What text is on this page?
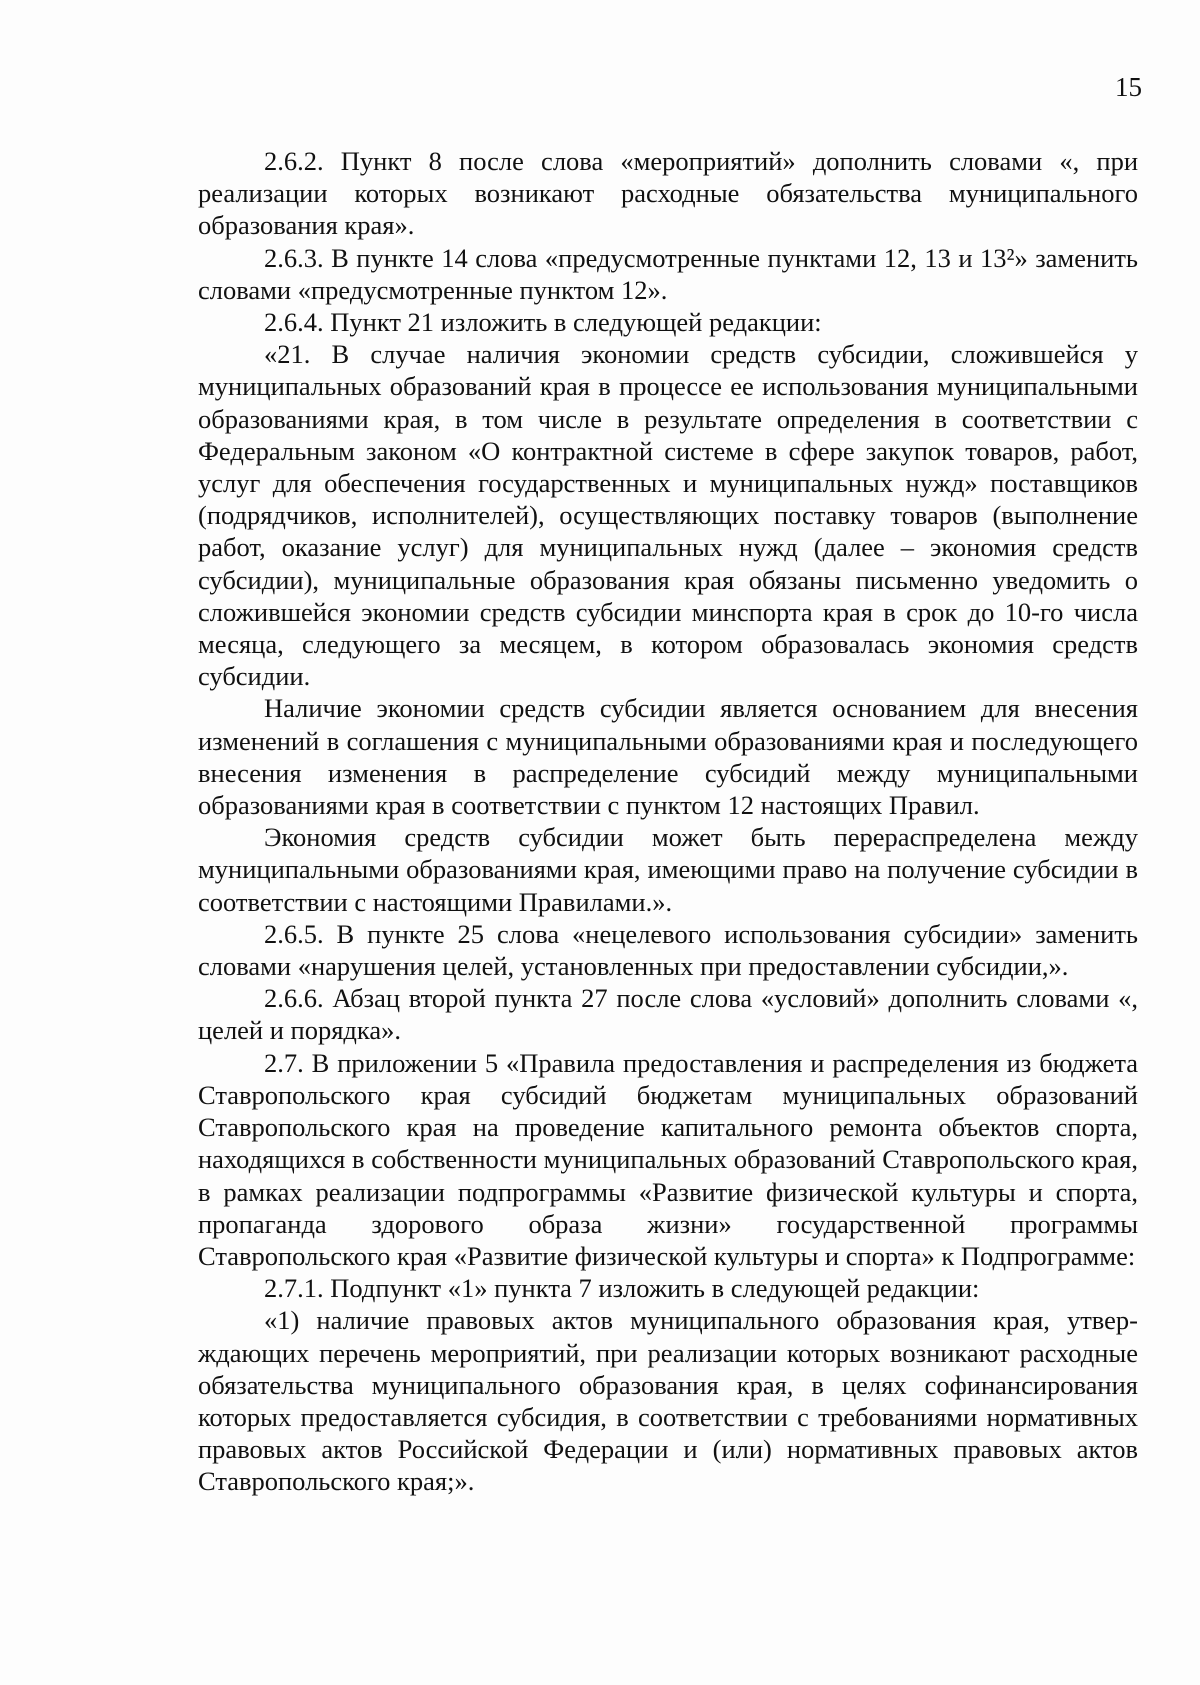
15

2.6.2. Пункт 8 после слова «мероприятий» дополнить словами «, при реализации которых возникают расходные обязательства муниципального образования края».

2.6.3. В пункте 14 слова «предусмотренные пунктами 12, 13 и 13²» заменить словами «предусмотренные пунктом 12».

2.6.4. Пункт 21 изложить в следующей редакции:

«21. В случае наличия экономии средств субсидии, сложившейся у муниципальных образований края в процессе ее использования муниципальными образованиями края, в том числе в результате определения в соответствии с Федеральным законом «О контрактной системе в сфере закупок товаров, работ, услуг для обеспечения государственных и муниципальных нужд» поставщиков (подрядчиков, исполнителей), осуществляющих поставку товаров (выполнение работ, оказание услуг) для муниципальных нужд (далее – экономия средств субсидии), муниципальные образования края обязаны письменно уведомить о сложившейся экономии средств субсидии минспорта края в срок до 10-го числа месяца, следующего за месяцем, в котором образовалась экономия средств субсидии.

Наличие экономии средств субсидии является основанием для внесения изменений в соглашения с муниципальными образованиями края и последующего внесения изменения в распределение субсидий между муниципальными образованиями края в соответствии с пунктом 12 настоящих Правил.

Экономия средств субсидии может быть перераспределена между муниципальными образованиями края, имеющими право на получение субсидии в соответствии с настоящими Правилами.».

2.6.5. В пункте 25 слова «нецелевого использования субсидии» заменить словами «нарушения целей, установленных при предоставлении субсидии,».

2.6.6. Абзац второй пункта 27 после слова «условий» дополнить словами «, целей и порядка».

2.7. В приложении 5 «Правила предоставления и распределения из бюджета Ставропольского края субсидий бюджетам муниципальных образований Ставропольского края на проведение капитального ремонта объектов спорта, находящихся в собственности муниципальных образований Ставропольского края, в рамках реализации подпрограммы «Развитие физической культуры и спорта, пропаганда здорового образа жизни» государственной программы Ставропольского края «Развитие физической культуры и спорта» к Подпрограмме:

2.7.1. Подпункт «1» пункта 7 изложить в следующей редакции:

«1) наличие правовых актов муниципального образования края, утверждающих перечень мероприятий, при реализации которых возникают расходные обязательства муниципального образования края, в целях софинансирования которых предоставляется субсидия, в соответствии с требованиями нормативных правовых актов Российской Федерации и (или) нормативных правовых актов Ставропольского края;».
